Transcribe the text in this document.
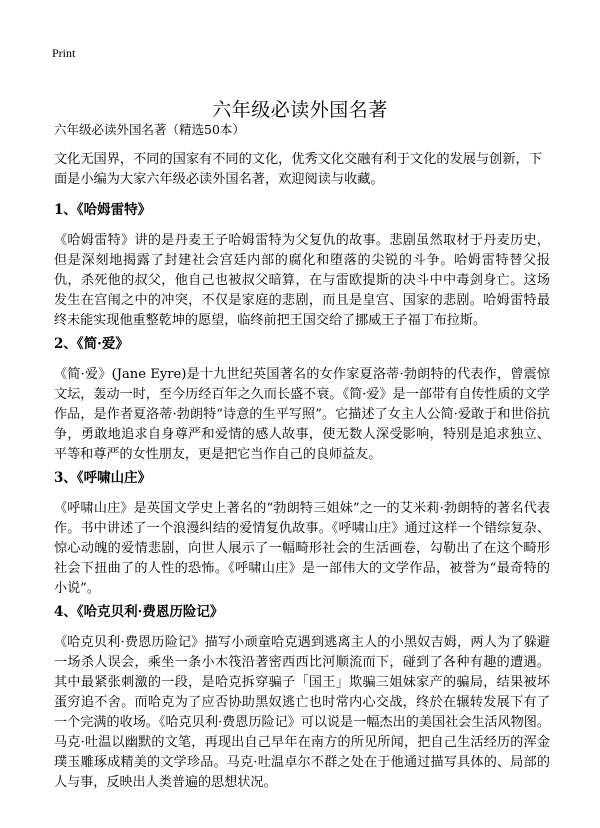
Print
六年级必读外国名著
六年级必读外国名著（精选50本）
文化无国界，不同的国家有不同的文化，优秀文化交融有利于文化的发展与创新，下面是小编为大家六年级必读外国名著，欢迎阅读与收藏。
1、《哈姆雷特》

《哈姆雷特》讲的是丹麦王子哈姆雷特为父复仇的故事。悲剧虽然取材于丹麦历史，但是深刻地揭露了封建社会宫廷内部的腐化和堕落的尖锐的斗争。哈姆雷特替父报仇，杀死他的叔父，他自己也被叔父暗算，在与雷欧提斯的决斗中中毒剑身亡。这场发生在宫闱之中的冲突，不仅是家庭的悲剧，而且是皇宫、国家的悲剧。哈姆雷特最终未能实现他重整乾坤的愿望，临终前把王国交给了挪威王子福丁布拉斯。

2、《简·爱》

《简·爱》(Jane Eyre)是十九世纪英国著名的女作家夏洛蒂·勃朗特的代表作，曾震惊文坛，轰动一时，至今历经百年之久而长盛不衰。《简·爱》是一部带有自传性质的文学作品，是作者夏洛蒂·勃朗特“诗意的生平写照”。它描述了女主人公简·爱敢于和世俗抗争，勇敢地追求自身尊严和爱情的感人故事，使无数人深受影响，特别是追求独立、平等和尊严的女性朋友，更是把它当作自己的良师益友。

3、《呼啸山庄》

《呼啸山庄》是英国文学史上著名的“勃朗特三姐妹”之一的艾米莉·勃朗特的著名代表作。书中讲述了一个浪漫纠结的爱情复仇故事。《呼啸山庄》通过这样一个错综复杂、惊心动魄的爱情悲剧，向世人展示了一幅畸形社会的生活画卷，勾勒出了在这个畸形社会下扭曲了的人性的恐怖。《呼啸山庄》是一部伟大的文学作品，被誉为“最奇特的小说”。

4、《哈克贝利·费恩历险记》

《哈克贝利·费恩历险记》描写小顽童哈克遇到逃离主人的小黑奴吉姆，两人为了躲避一场杀人误会，乘坐一条小木筏沿著密西西比河顺流而下，碰到了各种有趣的遭遇。其中最紧张刺激的一段，是哈克拆穿骗子「国王」欺骗三姐妹家产的骗局，结果被坏蛋穷追不舍。而哈克为了应否协助黑奴逃亡也时常内心交战，终於在辗转发展下有了一个完满的收场。《哈克贝利·费恩历险记》可以说是一幅杰出的美国社会生活风物图。马克·吐温以幽默的文笔，再现出自己早年在南方的所见所闻，把自己生活经历的浑金璞玉雕琢成精美的文学珍品。马克·吐温卓尔不群之处在于他通过描写具体的、局部的人与事，反映出人类普遍的思想状况。
